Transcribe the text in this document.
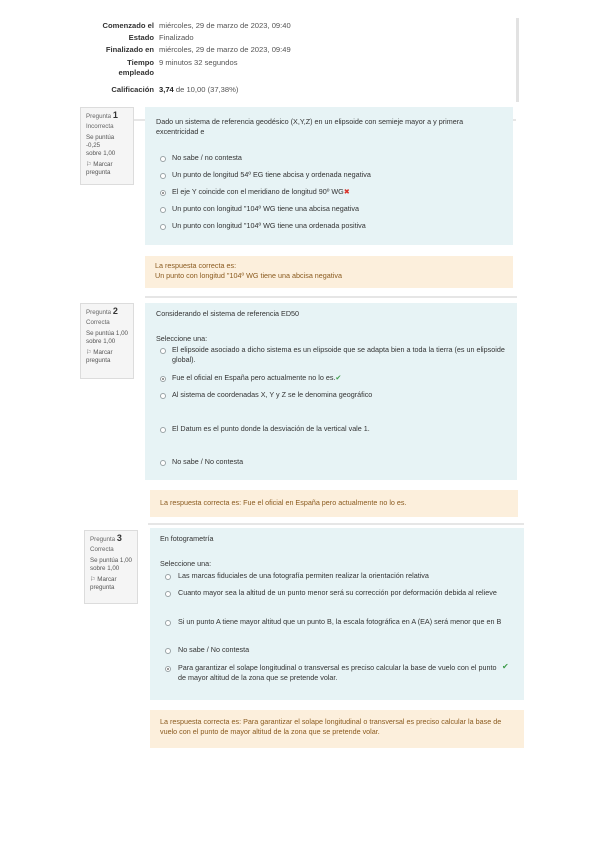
Comenzado el miércoles, 29 de marzo de 2023, 09:40
Estado Finalizado
Finalizado en miércoles, 29 de marzo de 2023, 09:49
Tiempo
empleado
9 minutos 32 segundos
Calificación 3,74 de 10,00 (37,38%)
Pregunta 1
Incorrecta
Se puntúa -0,25
sobre 1,00
⚐ Marcar pregunta
Dado un sistema de referencia geodésico (X,Y,Z) en un elipsoide con semieje mayor a y primera excentricidad e
No sabe / no contesta
Un punto de longitud 54º EG tiene abcisa y ordenada negativa
El eje Y coincide con el meridiano de longitud 90º WG✖
Un punto con longitud "104º WG tiene una abcisa negativa
Un punto con longitud "104º WG tiene una ordenada positiva
La respuesta correcta es:
Un punto con longitud "104º WG tiene una abcisa negativa
Pregunta 2
Correcta
Se puntúa 1,00
sobre 1,00
⚐ Marcar pregunta
Considerando el sistema de referencia ED50
Seleccione una:
El elipsoide asociado a dicho sistema es un elipsoide que se adapta bien a toda la tierra (es un elipsoide global).
Fue el oficial en España pero actualmente no lo es.✔
Al sistema de coordenadas X, Y y Z se le denomina geográfico
El Datum es el punto donde la desviación de la vertical vale 1.
No sabe / No contesta
La respuesta correcta es: Fue el oficial en España pero actualmente no lo es.
Pregunta 3
Correcta
Se puntúa 1,00
sobre 1,00
⚐ Marcar pregunta
En fotogrametría
Seleccione una:
Las marcas fiduciales de una fotografía permiten realizar la orientación relativa
Cuanto mayor sea la altitud de un punto menor será su corrección por deformación debida al relieve
Si un punto A tiene mayor altitud que un punto B, la escala fotográfica en A (EA) será menor que en B
No sabe / No contesta
Para garantizar el solape longitudinal o transversal es preciso calcular la base de vuelo con el punto de mayor altitud de la zona que se pretende volar.
✔
La respuesta correcta es: Para garantizar el solape longitudinal o transversal es preciso calcular la base de vuelo con el punto de mayor altitud de la zona que se pretende volar.
